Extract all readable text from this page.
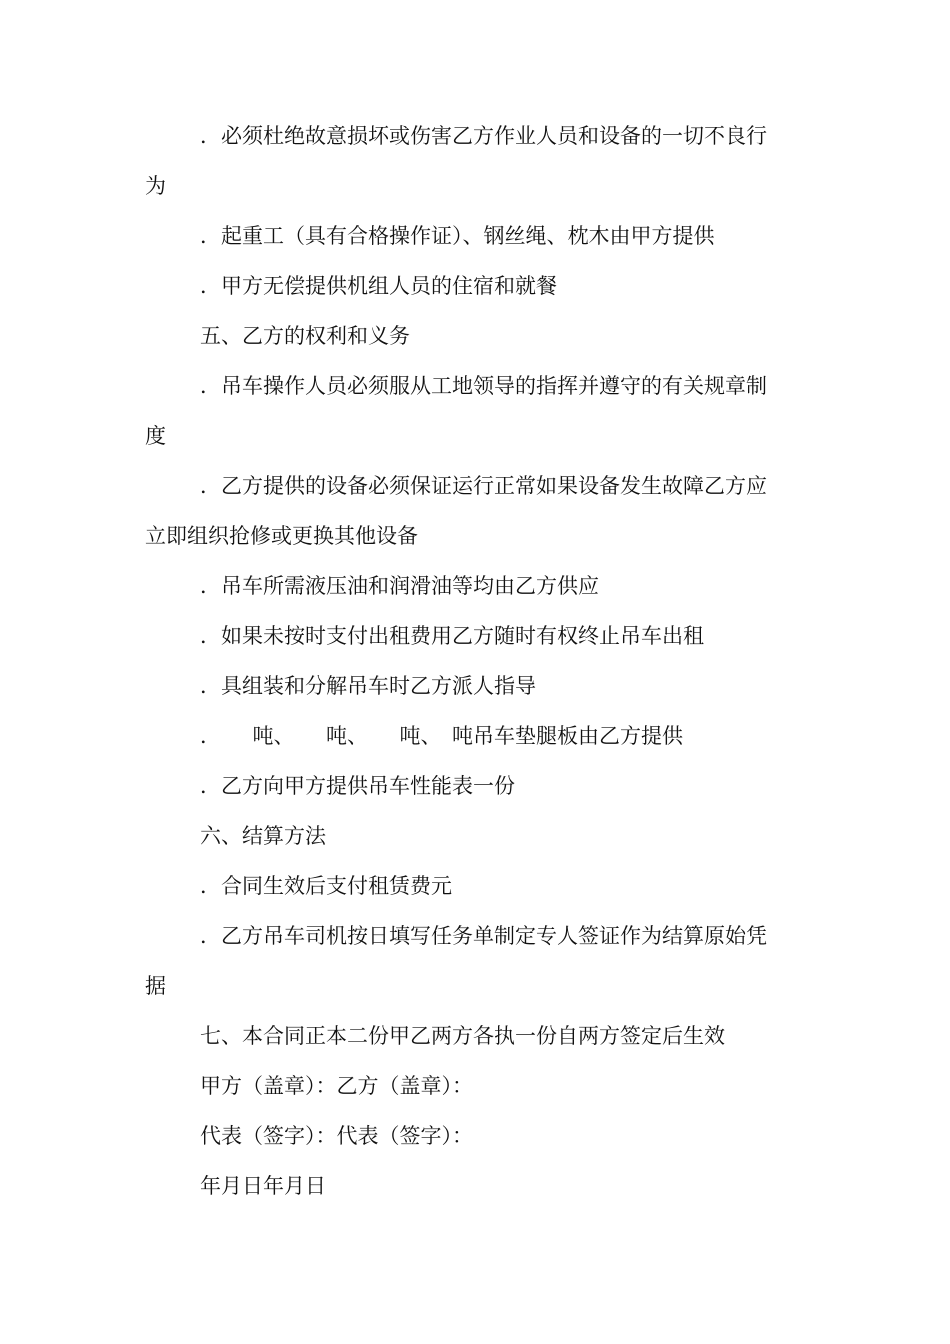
．必须杜绝故意损坏或伤害乙方作业人员和设备的一切不良行
为
．起重工（具有合格操作证）、钢丝绳、枕木由甲方提供
．甲方无偿提供机组人员的住宿和就餐
五、乙方的权利和义务
．吊车操作人员必须服从工地领导的指挥并遵守的有关规章制
度
．乙方提供的设备必须保证运行正常如果设备发生故障乙方应
立即组织抢修或更换其他设备
．吊车所需液压油和润滑油等均由乙方供应
．如果未按时支付出租费用乙方随时有权终止吊车出租
．具组装和分解吊车时乙方派人指导
．　　吨、　　吨、　　吨、　吨吊车垫腿板由乙方提供
．乙方向甲方提供吊车性能表一份
六、结算方法
．合同生效后支付租赁费元
．乙方吊车司机按日填写任务单制定专人签证作为结算原始凭
据
七、本合同正本二份甲乙两方各执一份自两方签定后生效
甲方（盖章）：乙方（盖章）：
代表（签字）：代表（签字）：
年月日年月日
